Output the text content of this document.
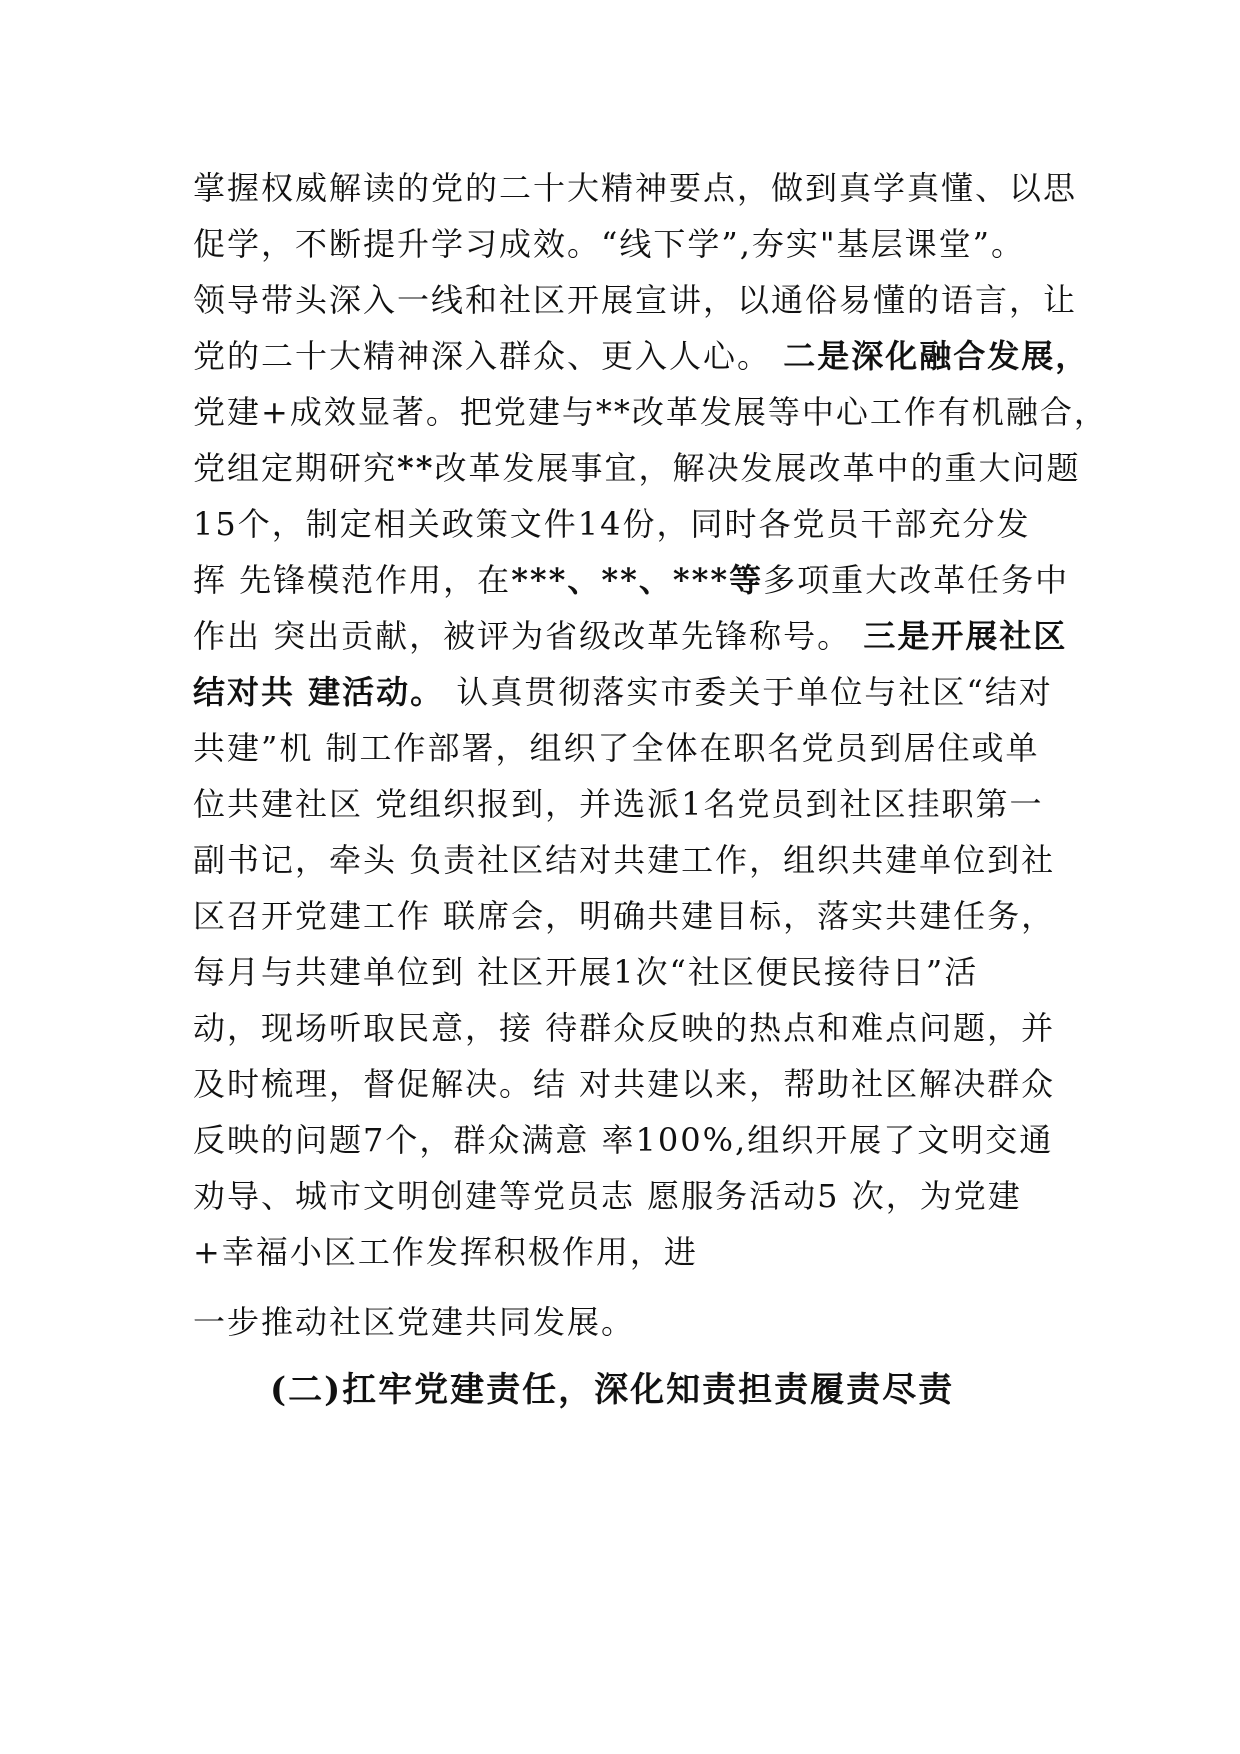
掌握权威解读的党的二十大精神要点，做到真学真懂、以思
促学，不断提升学习成效。“线下学”,夯实"基层课堂”。
领导带头深入一线和社区开展宣讲，以通俗易懂的语言，让
党的二十大精神深入群众、更入人心。 二是深化融合发展，
党建+成效显著。把党建与**改革发展等中心工作有机融合，
党组定期研究**改革发展事宜，解决发展改革中的重大问题
15个，制定相关政策文件14份，同时各党员干部充分发
挥 先锋模范作用，在***、**、***等多项重大改革任务中
作出 突出贡献，被评为省级改革先锋称号。 三是开展社区
结对共 建活动。 认真贯彻落实市委关于单位与社区“结对
共建”机 制工作部署，组织了全体在职名党员到居住或单
位共建社区 党组织报到，并选派1名党员到社区挂职第一
副书记，牵头 负责社区结对共建工作，组织共建单位到社
区召开党建工作 联席会，明确共建目标，落实共建任务，
每月与共建单位到 社区开展1次“社区便民接待日”活
动，现场听取民意，接 待群众反映的热点和难点问题，并
及时梳理，督促解决。结 对共建以来，帮助社区解决群众
反映的问题7个，群众满意 率100%,组织开展了文明交通
劝导、城市文明创建等党员志 愿服务活动5 次，为党建
+幸福小区工作发挥积极作用，进
一步推动社区党建共同发展。
(二)扛牢党建责任，深化知责担责履责尽责
